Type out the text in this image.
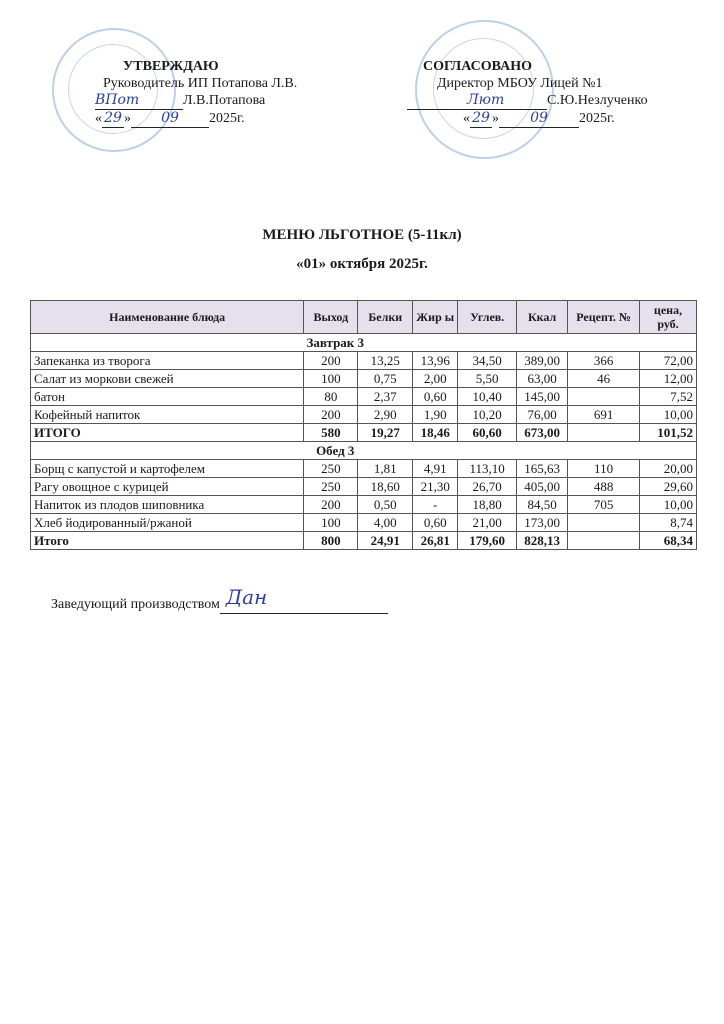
УТВЕРЖДАЮ
Руководитель ИП Потапова Л.В.
ВПот	Л.В.Потапова
« 29 » 09 2025г.
СОГЛАСОВАНО
Директор МБОУ Лицей №1
Лют	С.Ю.Незлученко
« 29 » 09 2025г.
МЕНЮ ЛЬГОТНОЕ (5-11кл)
«01» октября 2025г.
Наименование блюда	Выход	Белки	Жир ы	Углев.	Ккал	Рецепт. №	цена, руб.
Завтрак 3							
Запеканка из творога	200	13,25	13,96	34,50	389,00	366	72,00
Салат из моркови свежей	100	0,75	2,00	5,50	63,00	46	12,00
батон	80	2,37	0,60	10,40	145,00		7,52
Кофейный напиток	200	2,90	1,90	10,20	76,00	691	10,00
ИТОГО	580	19,27	18,46	60,60	673,00		101,52
Обед 3							
Борщ с капустой и картофелем	250	1,81	4,91	113,10	165,63	110	20,00
Рагу овощное с курицей	250	18,60	21,30	26,70	405,00	488	29,60
Напиток из плодов шиповника	200	0,50	-	18,80	84,50	705	10,00
Хлеб йодированный/ржаной	100	4,00	0,60	21,00	173,00		8,74
Итого	800	24,91	26,81	179,60	828,13		68,34
Заведующий производством Дан
